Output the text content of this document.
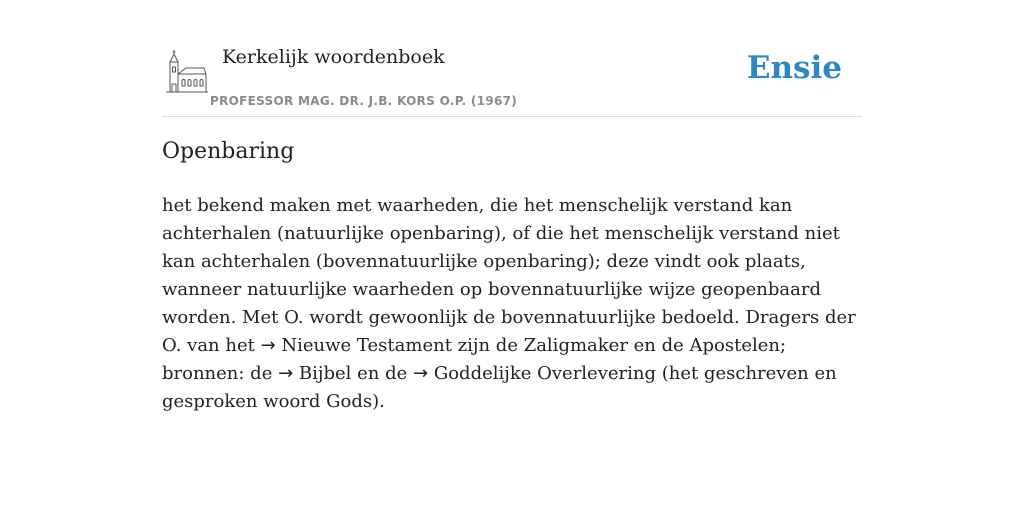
Kerkelijk woordenboek
PROFESSOR MAG. DR. J.B. KORS O.P. (1967)
Ensie
Openbaring

het bekend maken met waarheden, die het menschelijk verstand kan achterhalen (natuurlijke openbaring), of die het menschelijk verstand niet kan achterhalen (bovennatuurlijke openbaring); deze vindt ook plaats, wanneer natuurlijke waarheden op bovennatuurlijke wijze geopenbaard worden. Met O. wordt gewoonlijk de bovennatuurlijke bedoeld. Dragers der O. van het → Nieuwe Testament zijn de Zaligmaker en de Apostelen; bronnen: de → Bijbel en de → Goddelijke Overlevering (het geschreven en gesproken woord Gods).
